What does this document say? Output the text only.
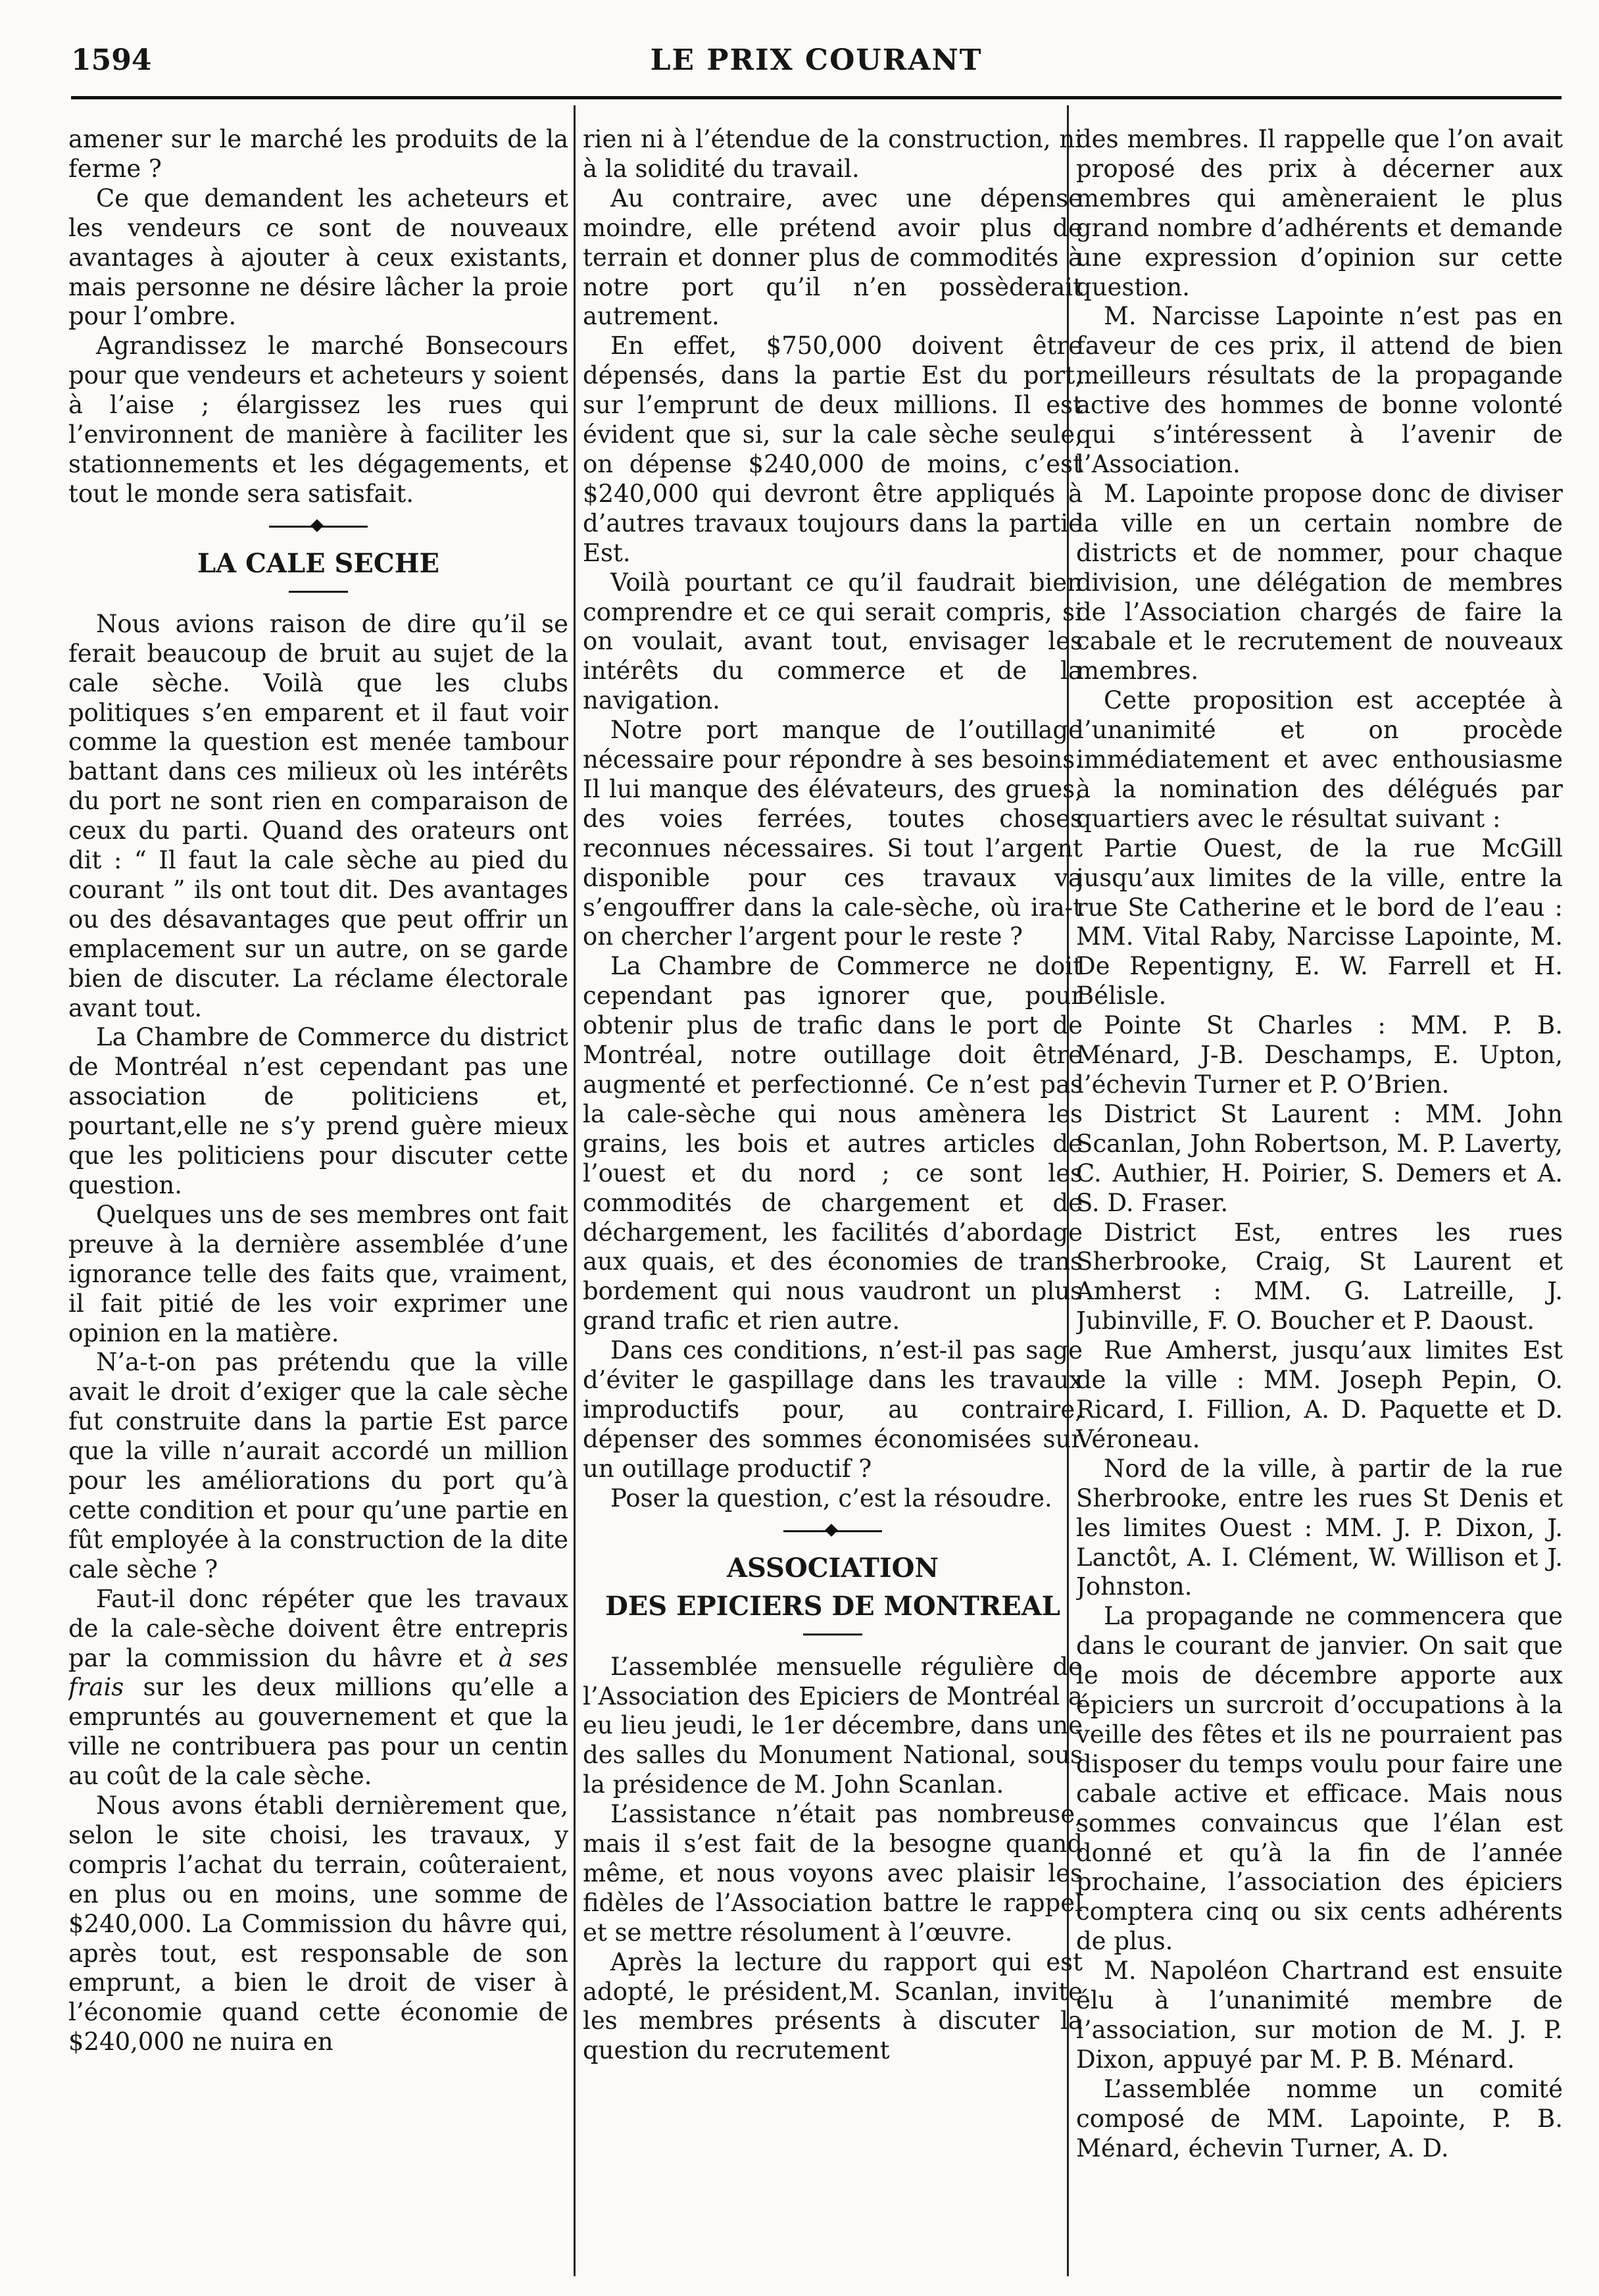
1594	LE PRIX COURANT

amener sur le marché les produits de la ferme ?

Ce que demandent les acheteurs et les vendeurs ce sont de nouveaux avantages à ajouter à ceux existants, mais personne ne désire lâcher la proie pour l’ombre.

Agrandissez le marché Bonsecours pour que vendeurs et acheteurs y soient à l’aise ; élargissez les rues qui l’environnent de manière à faciliter les stationnements et les dégagements, et tout le monde sera satisfait.

LA CALE SECHE

Nous avions raison de dire qu’il se ferait beaucoup de bruit au sujet de la cale sèche. Voilà que les clubs politiques s’en emparent et il faut voir comme la question est menée tambour battant dans ces milieux où les intérêts du port ne sont rien en comparaison de ceux du parti. Quand des orateurs ont dit : “ Il faut la cale sèche au pied du courant ” ils ont tout dit. Des avantages ou des désavantages que peut offrir un emplacement sur un autre, on se garde bien de discuter. La réclame électorale avant tout.

La Chambre de Commerce du district de Montréal n’est cependant pas une association de politiciens et, pourtant,elle ne s’y prend guère mieux que les politiciens pour discuter cette question.

Quelques uns de ses membres ont fait preuve à la dernière assemblée d’une ignorance telle des faits que, vraiment, il fait pitié de les voir exprimer une opinion en la matière.

N’a-t-on pas prétendu que la ville avait le droit d’exiger que la cale sèche fut construite dans la partie Est parce que la ville n’aurait accordé un million pour les améliorations du port qu’à cette condition et pour qu’une partie en fût employée à la construction de la dite cale sèche ?

Faut-il donc répéter que les travaux de la cale-sèche doivent être entrepris par la commission du hâvre et à ses frais sur les deux millions qu’elle a empruntés au gouvernement et que la ville ne contribuera pas pour un centin au coût de la cale sèche.

Nous avons établi dernièrement que, selon le site choisi, les travaux, y compris l’achat du terrain, coûteraient, en plus ou en moins, une somme de $240,000. La Commission du hâvre qui, après tout, est responsable de son emprunt, a bien le droit de viser à l’économie quand cette économie de $240,000 ne nuira en

rien ni à l’étendue de la construction, ni à la solidité du travail.

Au contraire, avec une dépense moindre, elle prétend avoir plus de terrain et donner plus de commodités à notre port qu’il n’en possèderait autrement.

En effet, $750,000 doivent être dépensés, dans la partie Est du port, sur l’emprunt de deux millions. Il est évident que si, sur la cale sèche seule, on dépense $240,000 de moins, c’est $240,000 qui devront être appliqués à d’autres travaux toujours dans la partie Est.

Voilà pourtant ce qu’il faudrait bien comprendre et ce qui serait compris, si on voulait, avant tout, envisager les intérêts du commerce et de la navigation.

Notre port manque de l’outillage nécessaire pour répondre à ses besoins. Il lui manque des élévateurs, des grues, des voies ferrées, toutes choses reconnues nécessaires. Si tout l’argent disponible pour ces travaux va s’engouffrer dans la cale-sèche, où ira-t on chercher l’argent pour le reste ?

La Chambre de Commerce ne doit cependant pas ignorer que, pour obtenir plus de trafic dans le port de Montréal, notre outillage doit être augmenté et perfectionné. Ce n’est pas la cale-sèche qui nous amènera les grains, les bois et autres articles de l’ouest et du nord ; ce sont les commodités de chargement et de déchargement, les facilités d’abordage aux quais, et des économies de trans bordement qui nous vaudront un plus grand trafic et rien autre.

Dans ces conditions, n’est-il pas sage d’éviter le gaspillage dans les travaux improductifs pour, au contraire, dépenser des sommes économisées sur un outillage productif ?

Poser la question, c’est la résoudre.

ASSOCIATION
DES EPICIERS DE MONTREAL

L’assemblée mensuelle régulière de l’Association des Epiciers de Montréal a eu lieu jeudi, le 1er décembre, dans une des salles du Monument National, sous la présidence de M. John Scanlan.

L’assistance n’était pas nombreuse, mais il s’est fait de la besogne quand même, et nous voyons avec plaisir les fidèles de l’Association battre le rappel et se mettre résolument à l’œuvre.

Après la lecture du rapport qui est adopté, le président,M. Scanlan, invite les membres présents à discuter la question du recrutement

des membres. Il rappelle que l’on avait proposé des prix à décerner aux membres qui amèneraient le plus grand nombre d’adhérents et demande une expression d’opinion sur cette question.

M. Narcisse Lapointe n’est pas en faveur de ces prix, il attend de bien meilleurs résultats de la propagande active des hommes de bonne volonté qui s’intéressent à l’avenir de l’Association.

M. Lapointe propose donc de diviser la ville en un certain nombre de districts et de nommer, pour chaque division, une délégation de membres de l’Association chargés de faire la cabale et le recrutement de nouveaux membres.

Cette proposition est acceptée à l’unanimité et on procède immédiatement et avec enthousiasme à la nomination des délégués par quartiers avec le résultat suivant :

Partie Ouest, de la rue McGill jusqu’aux limites de la ville, entre la rue Ste Catherine et le bord de l’eau : MM. Vital Raby, Narcisse Lapointe, M. De Repentigny, E. W. Farrell et H. Bélisle.

Pointe St Charles : MM. P. B. Ménard, J-B. Deschamps, E. Upton, l’échevin Turner et P. O’Brien.

District St Laurent : MM. John Scanlan, John Robertson, M. P. Laverty, C. Authier, H. Poirier, S. Demers et A. S. D. Fraser.

District Est, entres les rues Sherbrooke, Craig, St Laurent et Amherst : MM. G. Latreille, J. Jubinville, F. O. Boucher et P. Daoust.

Rue Amherst, jusqu’aux limites Est de la ville : MM. Joseph Pepin, O. Ricard, I. Fillion, A. D. Paquette et D. Véroneau.

Nord de la ville, à partir de la rue Sherbrooke, entre les rues St Denis et les limites Ouest : MM. J. P. Dixon, J. Lanctôt, A. I. Clément, W. Willison et J. Johnston.

La propagande ne commencera que dans le courant de janvier. On sait que le mois de décembre apporte aux épiciers un surcroit d’occupations à la veille des fêtes et ils ne pourraient pas disposer du temps voulu pour faire une cabale active et efficace. Mais nous sommes convaincus que l’élan est donné et qu’à la fin de l’année prochaine, l’association des épiciers comptera cinq ou six cents adhérents de plus.

M. Napoléon Chartrand est ensuite élu à l’unanimité membre de l’association, sur motion de M. J. P. Dixon, appuyé par M. P. B. Ménard.

L’assemblée nomme un comité composé de MM. Lapointe, P. B. Ménard, échevin Turner, A. D.
